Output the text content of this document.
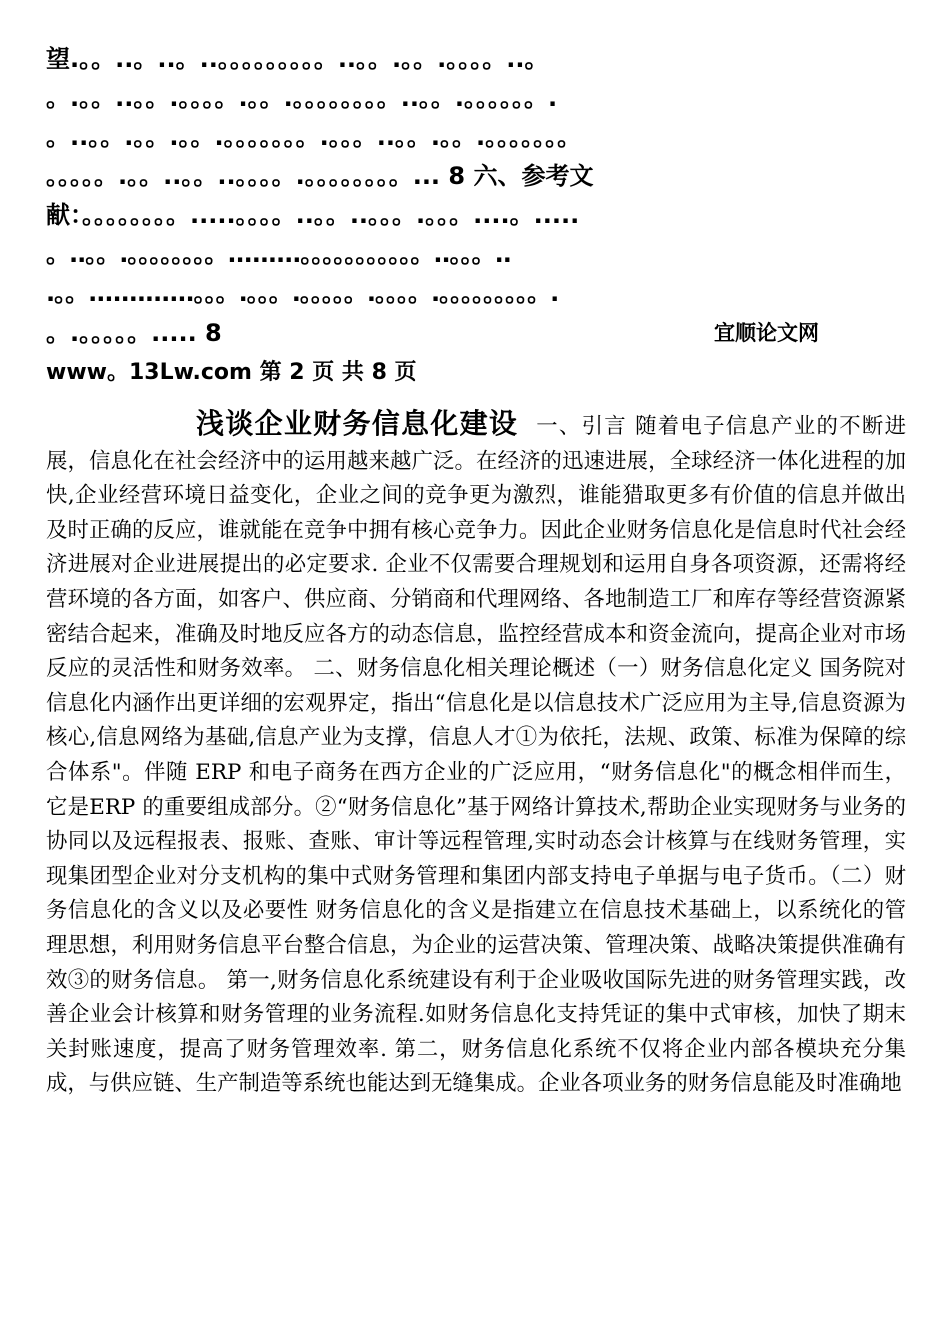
望.。。..。..。..。。。。。。。。。..。。.。。.。。。。..。
。.。。..。。.。。。。.。。.。。。。。。。。..。。.。。。。。。.
。..。。.。。.。。.。。。。。。。.。。。..。。.。。.。。。。。。。
。。。。。.。。..。。..。。。。.。。。。。。。。... 8 六、参考文
献：。。。。。。。。.....。。。。..。。..。。。.。。。....。.....
。..。。.。。。。。。。。.........。。。。。。。。。。。..。。。..
.。。.............。。。.。。。.。。。。。.。。。。.。。。。。。。。。.
。.。。。。。..... 8	宜顺论文网
www。13Lw.com 第 2 页 共 8 页
浅谈企业财务信息化建设 一、引言 随着电子信息产业的不断进展，信息化在社会经济中的运用越来越广泛。在经济的迅速进展，全球经济一体化进程的加快,企业经营环境日益变化，企业之间的竞争更为激烈，谁能猎取更多有价值的信息并做出及时正确的反应，谁就能在竞争中拥有核心竞争力。因此企业财务信息化是信息时代社会经济进展对企业进展提出的必定要求. 企业不仅需要合理规划和运用自身各项资源，还需将经营环境的各方面，如客户、供应商、分销商和代理网络、各地制造工厂和库存等经营资源紧密结合起来，准确及时地反应各方的动态信息，监控经营成本和资金流向，提高企业对市场反应的灵活性和财务效率。 二、财务信息化相关理论概述（一）财务信息化定义 国务院对信息化内涵作出更详细的宏观界定，指出“信息化是以信息技术广泛应用为主导,信息资源为核心,信息网络为基础,信息产业为支撑，信息人才①为依托，法规、政策、标准为保障的综合体系"。伴随 ERP 和电子商务在西方企业的广泛应用，“财务信息化"的概念相伴而生，它是ERP 的重要组成部分。②“财务信息化”基于网络计算技术,帮助企业实现财务与业务的协同以及远程报表、报账、查账、审计等远程管理,实时动态会计核算与在线财务管理，实现集团型企业对分支机构的集中式财务管理和集团内部支持电子单据与电子货币。（二）财务信息化的含义以及必要性 财务信息化的含义是指建立在信息技术基础上，以系统化的管理思想，利用财务信息平台整合信息，为企业的运营决策、管理决策、战略决策提供准确有效③的财务信息。 第一,财务信息化系统建设有利于企业吸收国际先进的财务管理实践，改善企业会计核算和财务管理的业务流程.如财务信息化支持凭证的集中式审核，加快了期末关封账速度，提高了财务管理效率. 第二，财务信息化系统不仅将企业内部各模块充分集成，与供应链、生产制造等系统也能达到无缝集成。企业各项业务的财务信息能及时准确地
